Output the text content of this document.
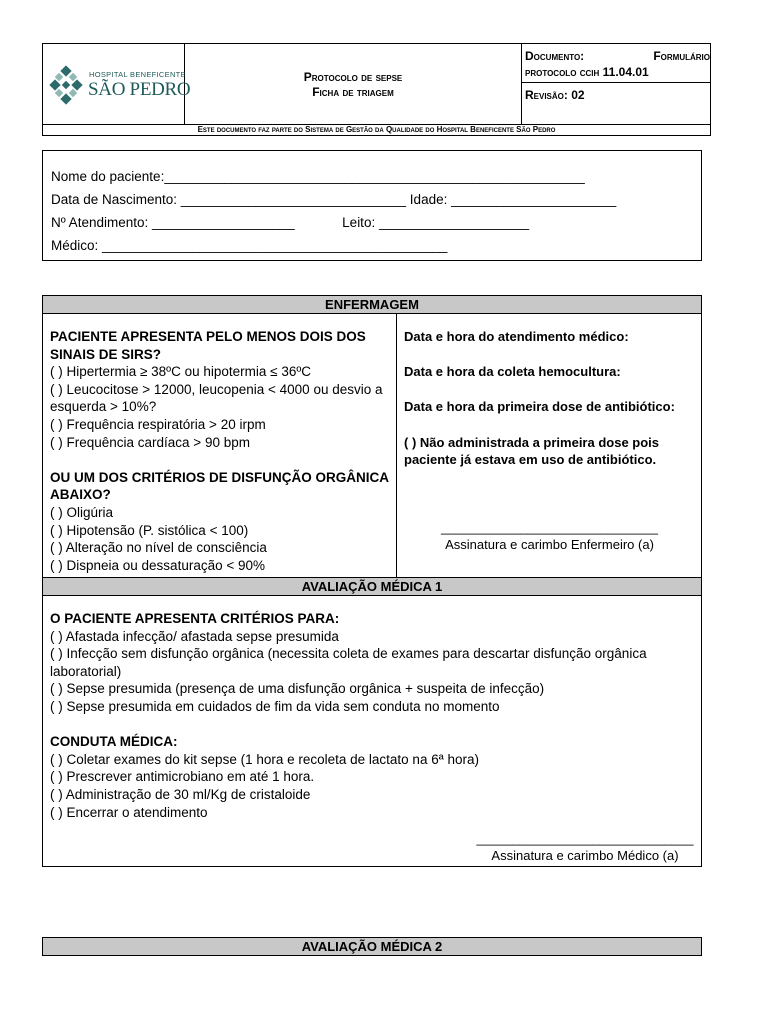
HOSPITAL BENEFICENTE
SÃO PEDRO
Protocolo de sepse
Ficha de triagem
Documento:	Formulário
protocolo ccih 11.04.01
Revisão: 02
Este documento faz parte do Sistema de Gestão da Qualidade do Hospital Beneficente São Pedro
Nome do paciente:________________________________________________________
Data de Nascimento: ______________________________ Idade: ______________________
Nº Atendimento: ___________________	Leito: ____________________
Médico: ______________________________________________
ENFERMAGEM
PACIENTE APRESENTA PELO MENOS DOIS DOS SINAIS DE SIRS?
( ) Hipertermia ≥ 38ºC ou hipotermia ≤ 36ºC
( ) Leucocitose > 12000, leucopenia < 4000 ou desvio a esquerda > 10%?
( ) Frequência respiratória > 20 irpm
( ) Frequência cardíaca > 90 bpm
OU UM DOS CRITÉRIOS DE DISFUNÇÃO ORGÂNICA ABAIXO?
( ) Oligúria
( ) Hipotensão (P. sistólica < 100)
( ) Alteração no nível de consciência
( ) Dispneia ou dessaturação < 90%
Data e hora do atendimento médico:
Data e hora da coleta hemocultura:
Data e hora da primeira dose de antibiótico:
( ) Não administrada a primeira dose pois paciente já estava em uso de antibiótico.
______________________________
Assinatura e carimbo Enfermeiro (a)
AVALIAÇÃO MÉDICA 1
O PACIENTE APRESENTA CRITÉRIOS PARA:
( ) Afastada infecção/ afastada sepse presumida
( ) Infecção sem disfunção orgânica (necessita coleta de exames para descartar disfunção orgânica laboratorial)
( ) Sepse presumida (presença de uma disfunção orgânica + suspeita de infecção)
( ) Sepse presumida em cuidados de fim da vida sem conduta no momento
CONDUTA MÉDICA:
( ) Coletar exames do kit sepse (1 hora e recoleta de lactato na 6ª hora)
( ) Prescrever antimicrobiano em até 1 hora.
( ) Administração de 30 ml/Kg de cristaloide
( ) Encerrar o atendimento
______________________________
Assinatura e carimbo Médico (a)
AVALIAÇÃO MÉDICA 2
